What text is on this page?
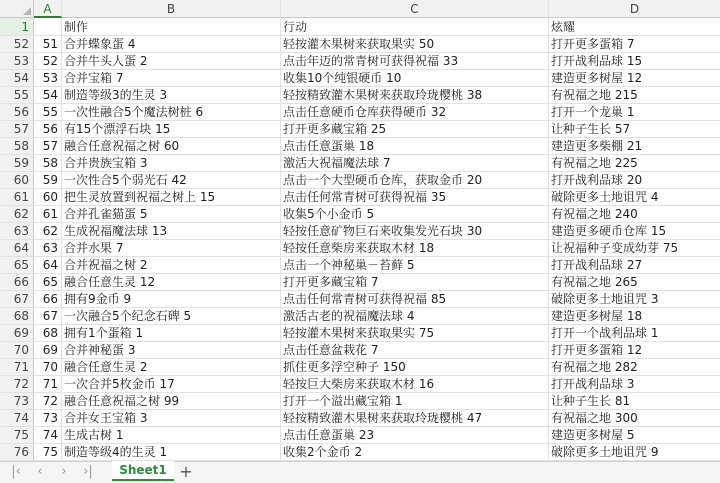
A	B	C	D
1	制作	行动	炫耀
52	51 合并蝶象蛋 4	轻按灌木果树来获取果实 50	打开更多蛋箱 7
53	52 合并牛头人蛋 2	点击年迈的常青树可获得祝福 33	打开战利品球 15
54	53 合并宝箱 7	收集10个纯银硬币 10	建造更多树屋 12
55	54 制造等级3的生灵 3	轻按精致灌木果树来获取玲珑樱桃 38	有祝福之地 215
56	55 一次性融合5个魔法树桩 6	点击任意硬币仓库获得硬币 32	打开一个龙巢 1
57	56 有15个漂浮石块 15	打开更多藏宝箱 25	让种子生长 57
58	57 融合任意祝福之树 60	点击任意蛋巢 18	建造更多柴棚 21
59	58 合并贵族宝箱 3	激活大祝福魔法球 7	有祝福之地 225
60	59 一次性合5个弱光石 42	点击一个大型硬币仓库，获取金币 20	打开战利品球 20
61	60 把生灵放置到祝福之树上 15	点击任何常青树可获得祝福 35	破除更多土地诅咒 4
62	61 合并孔雀猫蛋 5	收集5个小金币 5	有祝福之地 240
63	62 生成祝福魔法球 13	轻按任意矿物巨石来收集发光石块 30	建造更多硬币仓库 15
64	63 合并水果 7	轻按任意柴房来获取木材 18	让祝福种子变成幼芽 75
65	64 合并祝福之树 2	点击一个神秘巢－苔藓 5	打开战利品球 27
66	65 融合任意生灵 12	打开更多藏宝箱 7	有祝福之地 265
67	66 拥有9金币 9	点击任何常青树可获得祝福 85	破除更多土地诅咒 3
68	67 一次融合5个纪念石碑 5	激活古老的祝福魔法球 4	建造更多树屋 18
69	68 拥有1个蛋箱 1	轻按灌木果树来获取果实 75	打开一个战利品球 1
70	69 合并神秘蛋 3	点击任意盆栽花 7	打开更多蛋箱 12
71	70 融合任意生灵 2	抓住更多浮空种子 150	有祝福之地 282
72	71 一次合并5枚金币 17	轻按巨大柴房来获取木材 16	打开战利品球 3
73	72 融合任意祝福之树 99	打开一个溢出藏宝箱 1	让种子生长 81
74	73 合并女王宝箱 3	轻按精致灌木果树来获取玲珑樱桃 47	有祝福之地 300
75	74 生成古树 1	点击任意蛋巢 23	建造更多树屋 5
76	75 制造等级4的生灵 1	收集2个金币 2	破除更多土地诅咒 9
|‹	‹	›	›|	Sheet1 +
